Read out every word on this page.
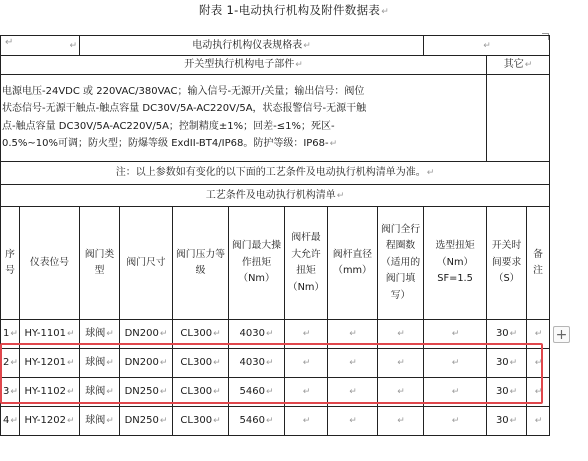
附表 1-电动执行机构及附件数据表↵
↵	↵		电动执行机构仪表规格表↵							↵		
开关型执行机构电子部件↵										其它↵	

电源电压-24VDC 或 220VAC/380VAC；输入信号-无源开/关量；输出信号：阀位
状态信号-无源干触点-触点容量 DC30V/5A-AC220V/5A，状态报警信号-无源干触
点-触点容量 DC30V/5A-AC220V/5A；控制精度±1%；回差-≤1%；死区-
0.5%~10%可调；防火型；防爆等级 ExdII-BT4/IP68。防护等级：IP68-↵											

注：以上参数如有变化的以下面的工艺条件及电动执行机构清单为准。↵											
工艺条件及电动执行机构清单↵											
序号	仪表位号	阀门类型	阀门尺寸	阀门压力等级	阀门最大操作扭矩（Nm）	阀杆最大允许扭矩（Nm）	阀杆直径（mm）	阀门全行程圈数（适用的阀门填写）	选型扭矩（Nm）SF=1.5	开关时间要求（S）	备注
1↵	HY-1101↵	球阀↵	DN200↵	CL300↵	4030↵	↵	↵	↵	↵	30↵	↵
2↵	HY-1201↵	球阀↵	DN200↵	CL300↵	4030↵	↵	↵	↵	↵	30↵	↵
3↵	HY-1102↵	球阀↵	DN250↵	CL300↵	5460↵	↵	↵	↵	↵	30↵	↵
4↵	HY-1202↵	球阀↵	DN250↵	CL300↵	5460↵	↵	↵	↵	↵	30↵	↵
+
